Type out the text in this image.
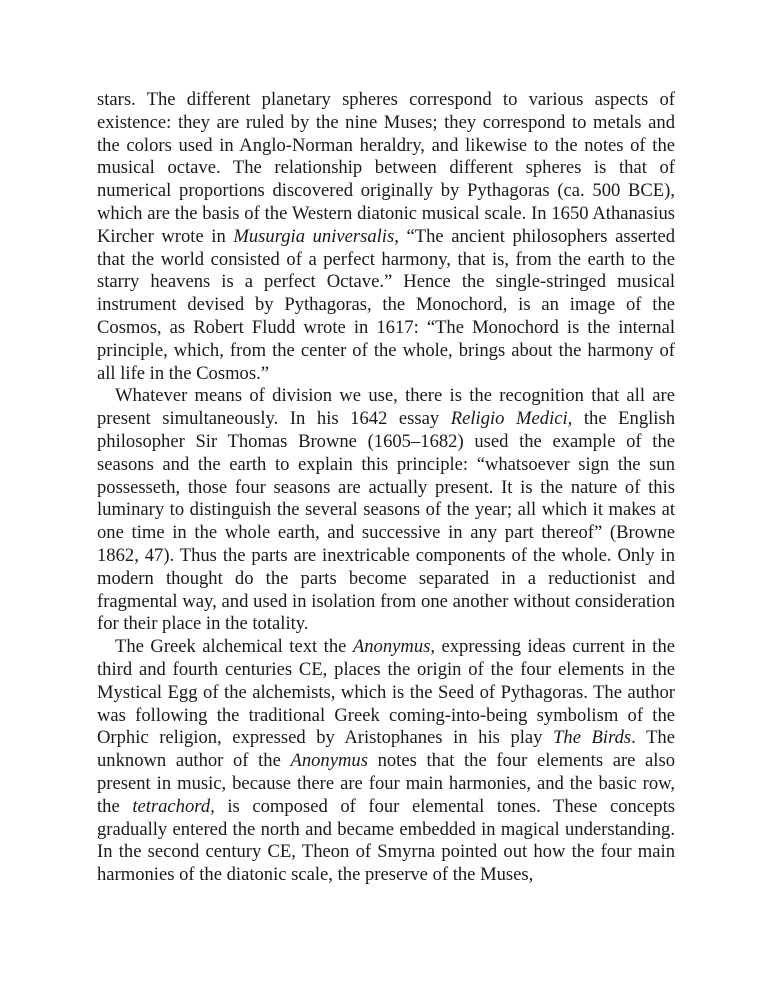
stars. The different planetary spheres correspond to various aspects of existence: they are ruled by the nine Muses; they correspond to metals and the colors used in Anglo-Norman heraldry, and likewise to the notes of the musical octave. The relationship between different spheres is that of numerical proportions discovered originally by Pythagoras (ca. 500 BCE), which are the basis of the Western diatonic musical scale. In 1650 Athanasius Kircher wrote in Musurgia universalis, “The ancient philosophers asserted that the world consisted of a perfect harmony, that is, from the earth to the starry heavens is a perfect Octave.” Hence the single-stringed musical instrument devised by Pythagoras, the Monochord, is an image of the Cosmos, as Robert Fludd wrote in 1617: “The Monochord is the internal principle, which, from the center of the whole, brings about the harmony of all life in the Cosmos.”

Whatever means of division we use, there is the recognition that all are present simultaneously. In his 1642 essay Religio Medici, the English philosopher Sir Thomas Browne (1605–1682) used the example of the seasons and the earth to explain this principle: “whatsoever sign the sun possesseth, those four seasons are actually present. It is the nature of this luminary to distinguish the several seasons of the year; all which it makes at one time in the whole earth, and successive in any part thereof” (Browne 1862, 47). Thus the parts are inextricable components of the whole. Only in modern thought do the parts become separated in a reductionist and fragmental way, and used in isolation from one another without consideration for their place in the totality.

The Greek alchemical text the Anonymus, expressing ideas current in the third and fourth centuries CE, places the origin of the four elements in the Mystical Egg of the alchemists, which is the Seed of Pythagoras. The author was following the traditional Greek coming-into-being symbolism of the Orphic religion, expressed by Aristophanes in his play The Birds. The unknown author of the Anonymus notes that the four elements are also present in music, because there are four main harmonies, and the basic row, the tetrachord, is composed of four elemental tones. These concepts gradually entered the north and became embedded in magical understanding. In the second century CE, Theon of Smyrna pointed out how the four main harmonies of the diatonic scale, the preserve of the Muses,
